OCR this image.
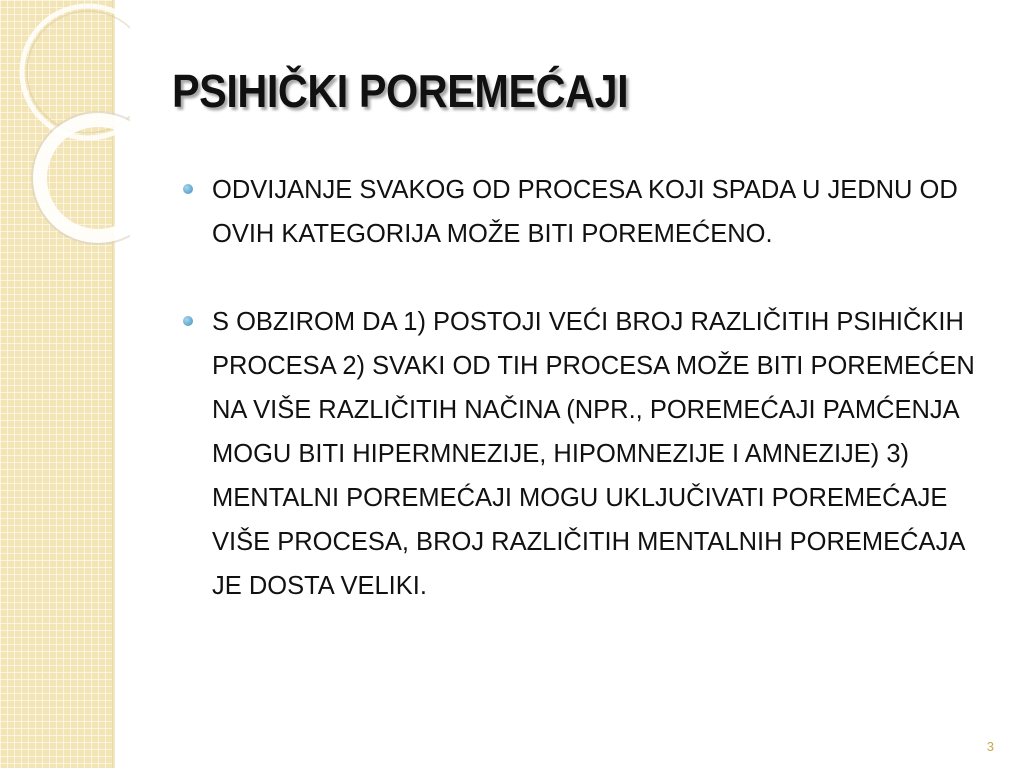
PSIHIČKI POREMEĆAJI
ODVIJANJE SVAKOG OD PROCESA KOJI SPADA U JEDNU OD OVIH KATEGORIJA MOŽE BITI POREMEĆENO.
S OBZIROM DA 1) POSTOJI VEĆI BROJ RAZLIČITIH PSIHIČKIH PROCESA 2) SVAKI OD TIH PROCESA MOŽE BITI POREMEĆEN NA VIŠE RAZLIČITIH NAČINA (NPR., POREMEĆAJI PAMĆENJA MOGU BITI HIPERMNEZIJE, HIPOMNEZIJE I AMNEZIJE) 3) MENTALNI POREMEĆAJI MOGU UKLJUČIVATI POREMEĆAJE VIŠE PROCESA, BROJ RAZLIČITIH MENTALNIH POREMEĆAJA JE DOSTA VELIKI.
3
